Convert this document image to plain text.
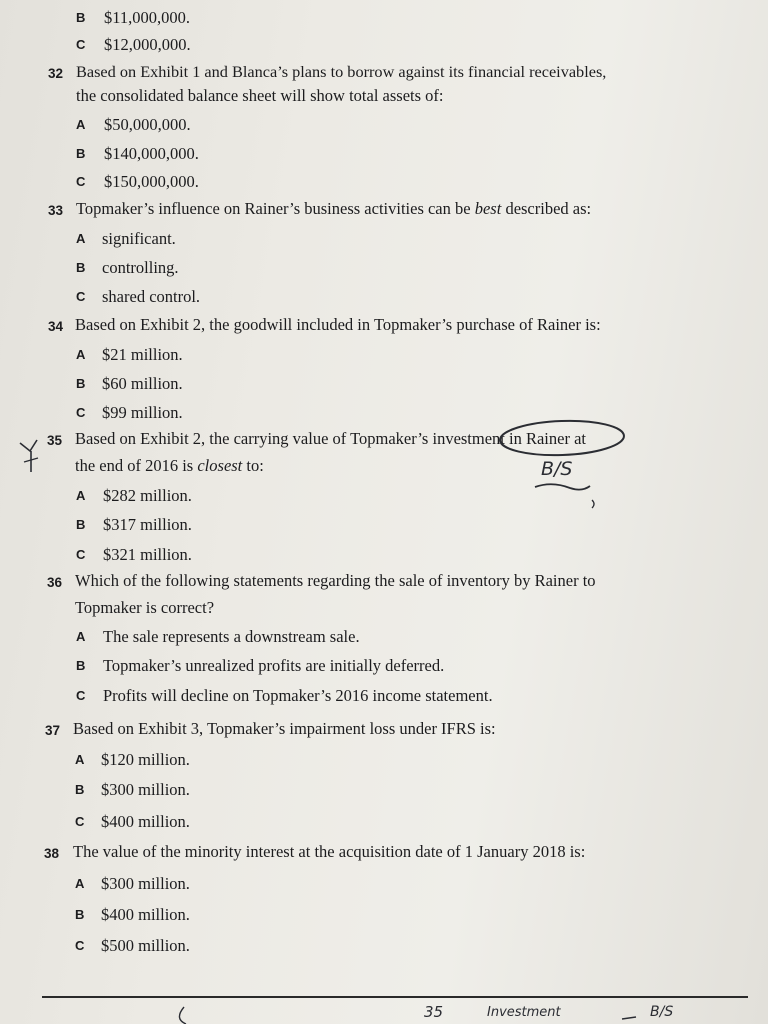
B $11,000,000.
C $12,000,000.
32 Based on Exhibit 1 and Blanca’s plans to borrow against its financial receivables,
the consolidated balance sheet will show total assets of:
A $50,000,000.
B $140,000,000.
C $150,000,000.
33 Topmaker’s influence on Rainer’s business activities can be best described as:
A significant.
B controlling.
C shared control.
34 Based on Exhibit 2, the goodwill included in Topmaker’s purchase of Rainer is:
A $21 million.
B $60 million.
C $99 million.
35 Based on Exhibit 2, the carrying value of Topmaker’s investment in Rainer at
the end of 2016 is closest to:
A $282 million.
B $317 million.
C $321 million.
36 Which of the following statements regarding the sale of inventory by Rainer to
Topmaker is correct?
A The sale represents a downstream sale.
B Topmaker’s unrealized profits are initially deferred.
C Profits will decline on Topmaker’s 2016 income statement.
37 Based on Exhibit 3, Topmaker’s impairment loss under IFRS is:
A $120 million.
B $300 million.
C $400 million.
38 The value of the minority interest at the acquisition date of 1 January 2018 is:
A $300 million.
B $400 million.
C $500 million.
B/S
35	Investment	B/S
